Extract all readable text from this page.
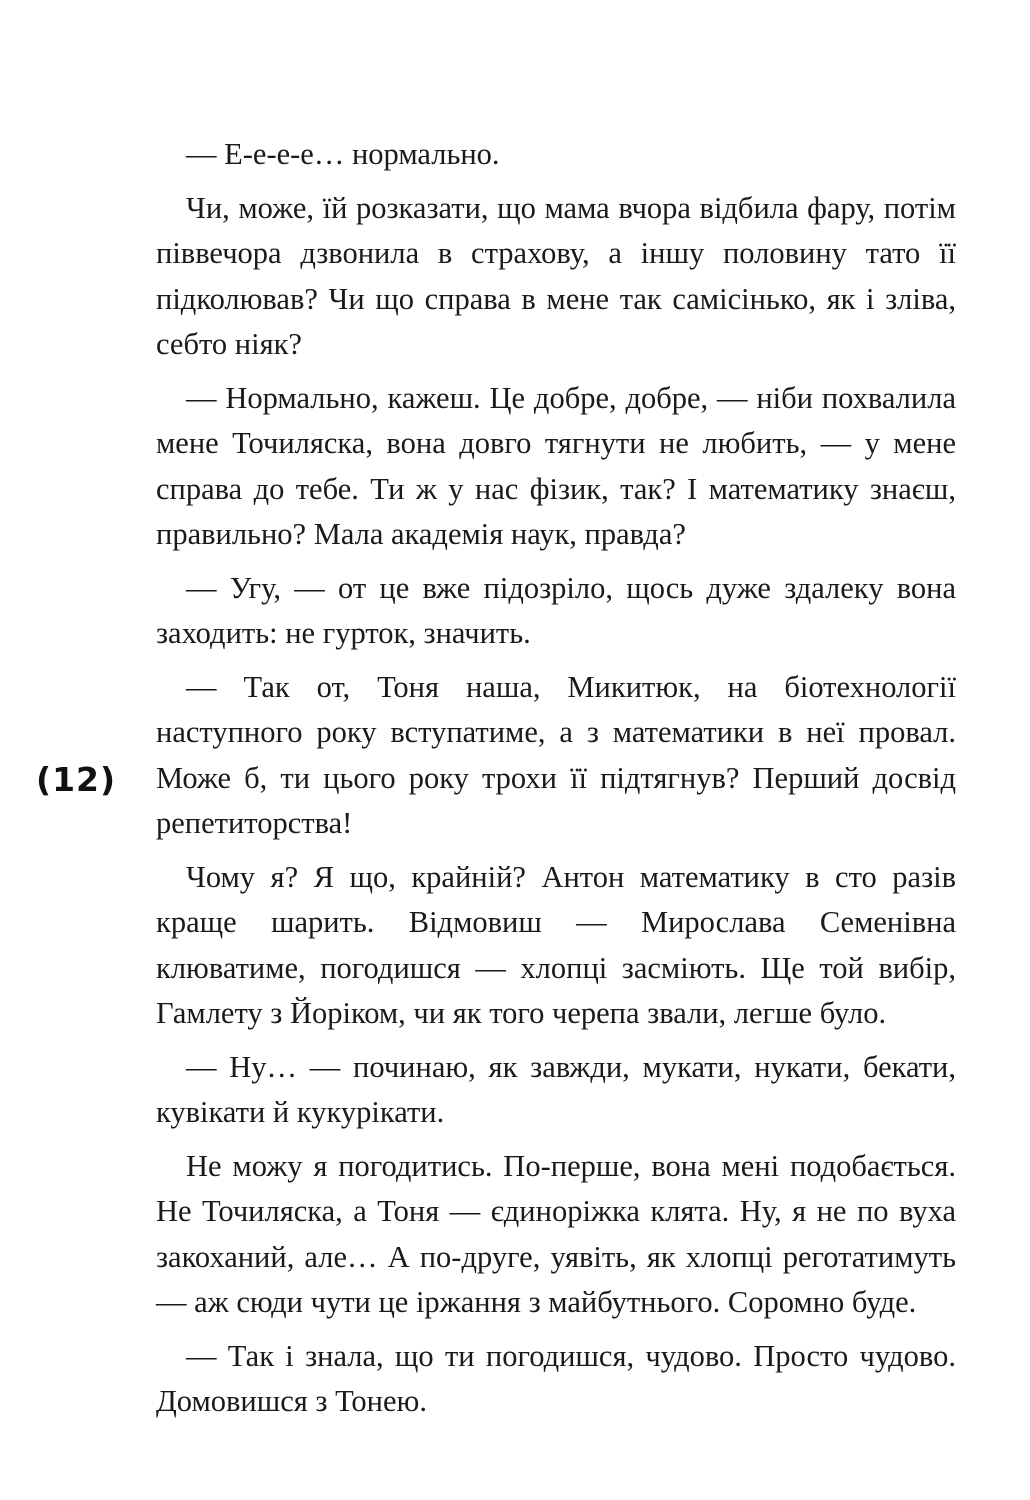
(12)

— Е-е-е-е… нормально.

Чи, може, їй розказати, що мама вчора відбила фару, потім піввечора дзвонила в страхову, а іншу половину тато її підколював? Чи що справа в мене так самісінько, як і зліва, себто ніяк?

— Нормально, кажеш. Це добре, добре, — ніби похвалила мене Точиляска, вона довго тягнути не любить, — у мене справа до тебе. Ти ж у нас фізик, так? І математику знаєш, правильно? Мала академія наук, правда?

— Угу, — от це вже підозріло, щось дуже здалеку вона заходить: не гурток, значить.

— Так от, Тоня наша, Микитюк, на біотехнології наступного року вступатиме, а з математики в неї провал. Може б, ти цього року трохи її підтягнув? Перший досвід репетиторства!

Чому я? Я що, крайній? Антон математику в сто разів краще шарить. Відмовиш — Мирослава Семенівна клюватиме, погодишся — хлопці засміють. Ще той вибір, Гамлету з Йоріком, чи як того черепа звали, легше було.

— Ну… — починаю, як завжди, мукати, нукати, бекати, кувікати й кукурікати.

Не можу я погодитись. По-перше, вона мені подобається. Не Точиляска, а Тоня — єдиноріжка клята. Ну, я не по вуха закоханий, але… А по-друге, уявіть, як хлопці реготатимуть — аж сюди чути це іржання з майбутнього. Соромно буде.

— Так і знала, що ти погодишся, чудово. Просто чудово. Домовишся з Тонею.
